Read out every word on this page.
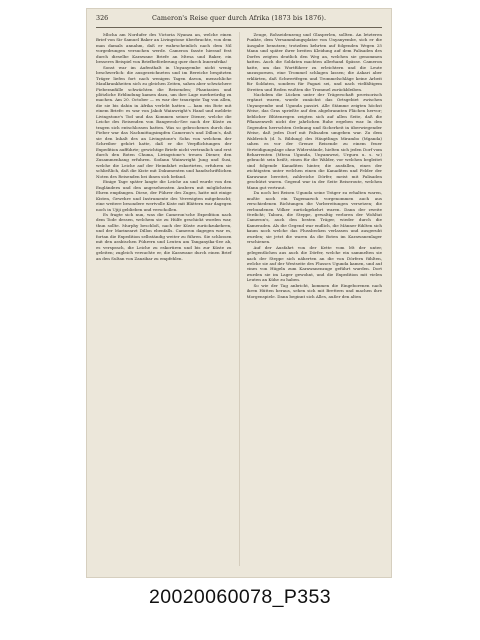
326	Cameron's Reise quer durch Afrika (1873 bis 1876).

Mbcha am Nordufer des Victoria Nyanza an, welche einen Brief von Sir Samuel Baker an Livingstone überbrachte, von dem man damals annahm, daß er wahrscheinlich nach dem Nil vorgedrungen versuchen werde. Cameron fasste hierauf fest durch dieselbe Karawane Briefe an Mtesa und Baker, ein besseres Beispiel von Briefbeförderung quer durch Innerafrika!

Sonst war im Aufenthalt in Unyanyembe nicht wenig beschwerlich: die ausgezeichneten und im Bereiche bespitzten Träger liefen fort nach wenigen Tagen davon, menschliche Maulkrankheiten sich zu gleichen Zeiten, sahen aber schwächere Fieberanfälle schwächten die Reisenden; Phantasien und plötzliche Erblindung kamen dazu, um ihre Lage merkwürdig zu machen. Am 20. October — es war der traurigste Tag von allen, die sie bis dahin in Afrika verlebt hatten — kam ein Bote mit einem Briefe: es war von Jakob Wainwright's Hand und meldete Livingstone's Tod und das Kommen seiner Diener, welche die Leiche des Reisenden von Bangweolo-See nach der Küste zu tragen sich entschlossen hatten. Was so gebrochenes durch das Fieber war das Nachmittagsimpfen Cameron's und Dillon's, daß sie den Inhalt des an Livingstone's Sohn von welchem der Schreiber gehört hatte, daß er die Verpflichtungen der Expedition aufführte; gewichtige Briefe nicht vertraulich und erst durch den Boten Chuma, Livingstone's treuen Diener, den Zusammenhang erfuhren. Sodann Wainwright Jung und Susi, welche die Leiche auf der Heimfahrt eskortirten, erfuhren sie schließlich, daß die Kiste mit Dokumenten und handschriftlichen Noten des Reisenden bei ihnen sich befand.

Einige Tage später langte die Leiche an und wurde von den Engländern und den angesehensten Arabern mit möglichsten Ehren empfangen. Diese, der Führer des Zuges, hatte mit einige Kisten, Gewehre und Instrumente des Verewigten mitgebracht; eine weitere besondere wertvolle Kiste mit Blättern war dagegen noch in Ujiji geblieben und verschollen.

Es fragte sich nun, was die Cameron'sche Expedition nach dem Tode dessen, welchem sie zu Hülfe geschickt worden war, thun sollte. Murphy beschloß, nach der Küste zurückzukehren, und der Marinearzt Dillon ebenfalls. Cameron dagegen war es, fortan die Expedition selbständig weiter zu führen. Sie schlossen mit den arabischen Führern und Leuten am Tanganyika-See ab, es versprach, die Leiche zu eskortiren und bis zur Küste zu geleiten; zugleich versuchte er, die Karawane durch einen Brief an den Sultan von Zanzibar zu empfehlen.

Zeuge, Rohseidenzeug und Glasperlen, sollten. An letzteren Punkte, dem Versammlungsplatze von Unyanyembe, sich er die Ausgabe benutzen; trotzdem kehrten auf folgenden Wegen 25 Mann und später ihrer breiten Kleidung auf dem Palisaden des Dorfes zeigten deutlich den Weg an, welchen sie genommen hatten. Auch die Soldaten machten allerhand Spässe. Cameron hatte, um das Wortführer zu erleichtern und die Leute anzuspornen, eine Trommel schlagen lassen; die Askari aber erklärten, daß Schwertfegen und Trommelschläge keine Arbeit für Soldaten, sondern für Pagazi sei, und nach vielfältigem Streiten und Reden wußten die Trommel zurückbleiben.

Nachdem die Lücken unter der Trägerschaft provisorisch ergänzt waren, wurde zunächst das Ortsgebiet zwischen Unyanyembe und Ugunda passirt. Alle Stämme zeigten höchst Weise, das Gras sprießte auf den abgebrannten Flächen hervor; lieblicher Blütenregen zeigten sich auf allen Seite, daß die Pflanzenwelt nicht der jahrlichen Ruhe ergeben war. In den Gegenden herrschten Ordnung und Sicherheit in überwiegender Weise, daß jedes Dorf mit Palisaden umgeben war. Zu dem Waldreich (d. h. Bildung) des Häuptlings Mirambo (Mganda) sahen es vor der Grenze Reisende zu einem feuer Verteidigungslage ohne Widerstände, hielten sich jeden Dorf vom Beharrenten (Mtesa Ugunda, Unyamwezi, Urguru u. s. w.) gebracht sein heißt, einen für die Wälder, vor welchen begleitet sind folgende Kanaditen hinter, die ausfallen, eines der wichtigsten unter welchen einen die Kanaditen und Felder der Karawane bereitet, zahlreiche Dörfer, meist mit Palisaden geschützt waren. Gegend war in der Seite Reiseroute, welchen Mann gut vertraut.

Da noch bei Reisen Ugunda seine Träger zu erhalten waren, mußte noch ein Tagemarsch vorgenommen auch aus verschiedenen Richtungen die Vorbereitungen versetzen; die verbundenen Völker zurückgekehrt waren. Dann der zweite Verdicht; Tabora, die Steppe, gewaltig verloren der Wohltat Cameron's, auch den besten Träger, wieder durch die Kameraden. Als die Gegend war endlich, die Männer fühlten sich kaum noch welche das Flussbecken verlassen und ausgeruht wurden; sie jetzt die waren da die Boten im Karawanenlager erschienen.

Auf der Ausfahrt von der Kette vom Mt der unter, gelegentlichen aus auch die Dörfer, welche ein sammelten sie nach der Steppe sich näherten an die von Dörfern fühlten, welche sie auf der Westseite des Flusses Ugunda kamen, und auf eines von Hügeln zum Karawanenzuge geführt wurden. Dort wurden sie im Lager gewohnt, und die Expedition mit vielen Leuten an Kühe zu haben.

So wie der Tag anbricht, kommen die Eingeborenen nach ihren Hütten heraus, sehen sich mit Brettern und machen ihre Morgenspiele. Dann beginnt sich Alles, außer den alten

20020060078_P353
